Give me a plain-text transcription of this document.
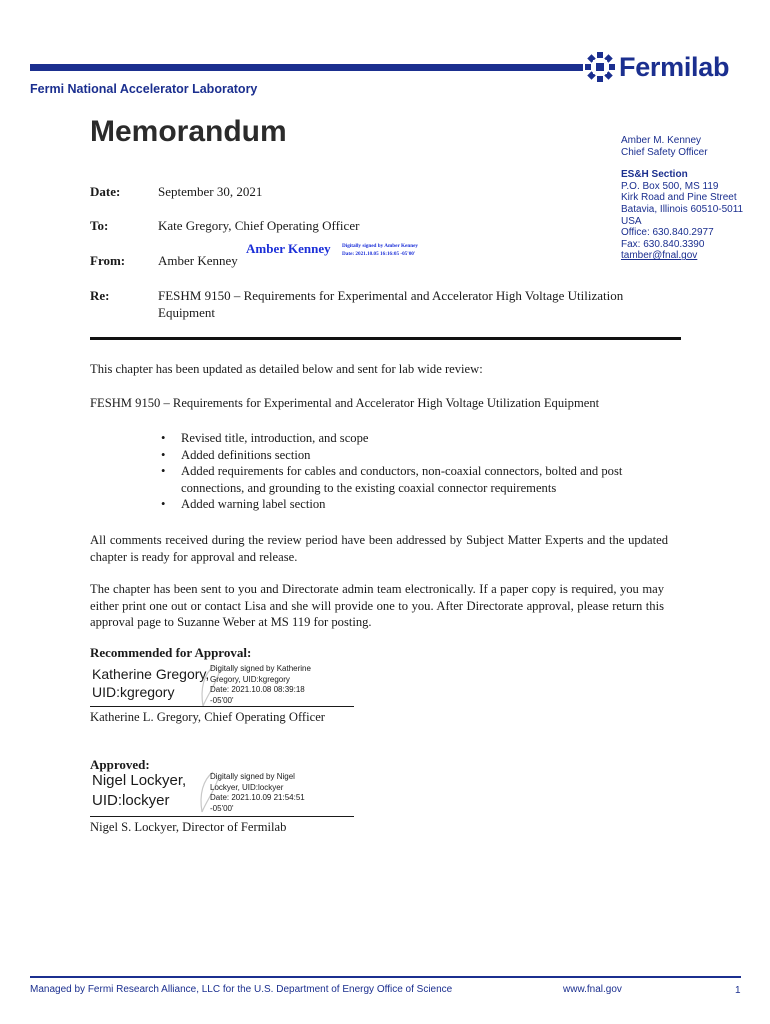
Fermilab
Fermi National Accelerator Laboratory
Memorandum	Amber M. Kenney
Chief Safety Officer
ES&H Section
P.O. Box 500, MS 119
Kirk Road and Pine Street
Batavia, Illinois 60510-5011
USA
Office: 630.840.2977
Fax: 630.840.3390
tamber@fnal.gov
Date:	September 30, 2021
To:	Kate Gregory, Chief Operating Officer
From:	Amber Kenney
Amber Kenney Digitally signed by Amber Kenney
Date: 2021.10.05 16:16:05 -05'00'
Re:	FESHM 9150 – Requirements for Experimental and Accelerator High Voltage Utilization
Equipment
This chapter has been updated as detailed below and sent for lab wide review:
FESHM 9150 – Requirements for Experimental and Accelerator High Voltage Utilization Equipment
• Revised title, introduction, and scope
• Added definitions section
• Added requirements for cables and conductors, non-coaxial connectors, bolted and post connections, and grounding to the existing coaxial connector requirements
• Added warning label section
All comments received during the review period have been addressed by Subject Matter Experts and the updated chapter is ready for approval and release.
The chapter has been sent to you and Directorate admin team electronically. If a paper copy is required, you may either print one out or contact Lisa and she will provide one to you. After Directorate approval, please return this approval page to Suzanne Weber at MS 119 for posting.
Recommended for Approval:
Katherine Gregory,
UID:kgregory
Digitally signed by Katherine
Gregory, UID:kgregory
Date: 2021.10.08 08:39:18
-05'00'
Katherine L. Gregory, Chief Operating Officer
Approved:
Nigel Lockyer,
UID:lockyer
Digitally signed by Nigel
Lockyer, UID:lockyer
Date: 2021.10.09 21:54:51
-05'00'
Nigel S. Lockyer, Director of Fermilab
Managed by Fermi Research Alliance, LLC for the U.S. Department of Energy Office of Science	www.fnal.gov	1
